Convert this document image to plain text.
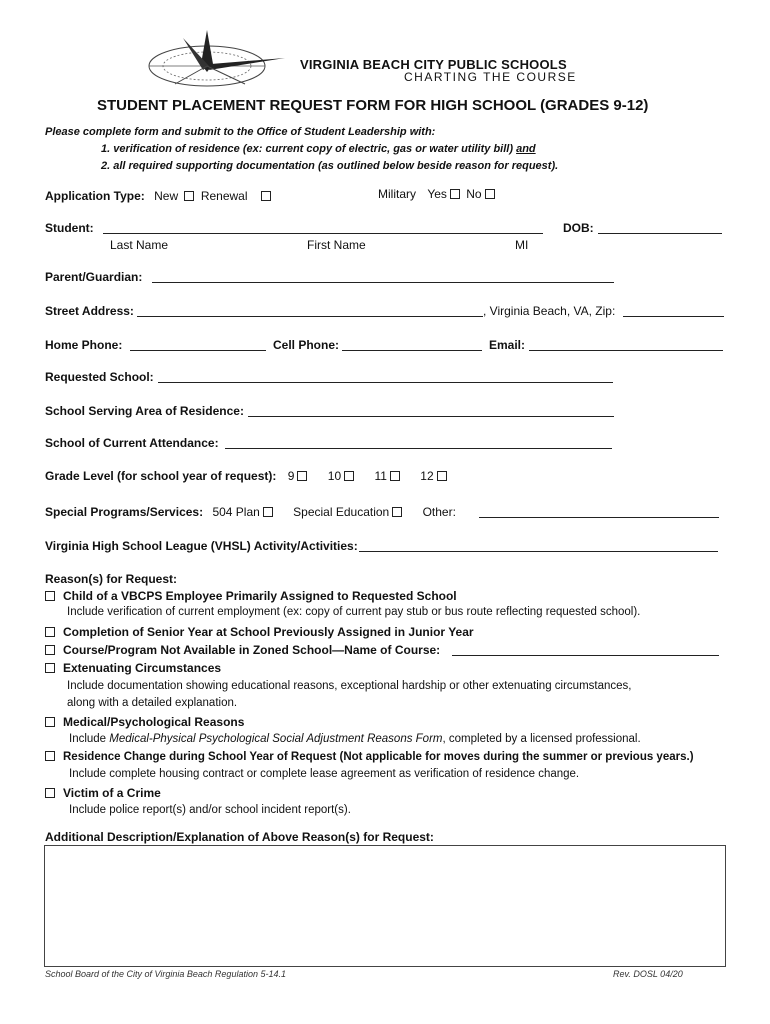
VIRGINIA BEACH CITY PUBLIC SCHOOLS
CHARTING THE COURSE
STUDENT PLACEMENT REQUEST FORM FOR HIGH SCHOOL (GRADES 9-12)
Please complete form and submit to the Office of Student Leadership with:
1. verification of residence (ex: current copy of electric, gas or water utility bill) and
2. all required supporting documentation (as outlined below beside reason for request).
Application Type: New Renewal	Military Yes No
Student:	DOB:
Last Name	First Name	MI
Parent/Guardian:
Street Address:	, Virginia Beach, VA, Zip:
Home Phone:	Cell Phone:	Email:
Requested School:
School Serving Area of Residence:
School of Current Attendance:
Grade Level (for school year of request): 9	10	11	12
Special Programs/Services: 504 Plan	Special Education	Other:
Virginia High School League (VHSL) Activity/Activities:
Reason(s) for Request:
Child of a VBCPS Employee Primarily Assigned to Requested School
Include verification of current employment (ex: copy of current pay stub or bus route reflecting requested school).
Completion of Senior Year at School Previously Assigned in Junior Year
Course/Program Not Available in Zoned School—Name of Course:
Extenuating Circumstances
Include documentation showing educational reasons, exceptional hardship or other extenuating circumstances,
along with a detailed explanation.
Medical/Psychological Reasons
Include Medical-Physical Psychological Social Adjustment Reasons Form, completed by a licensed professional.
Residence Change during School Year of Request (Not applicable for moves during the summer or previous years.)
Include complete housing contract or complete lease agreement as verification of residence change.
Victim of a Crime
Include police report(s) and/or school incident report(s).
Additional Description/Explanation of Above Reason(s) for Request:
School Board of the City of Virginia Beach Regulation 5-14.1	Rev. DOSL 04/20
